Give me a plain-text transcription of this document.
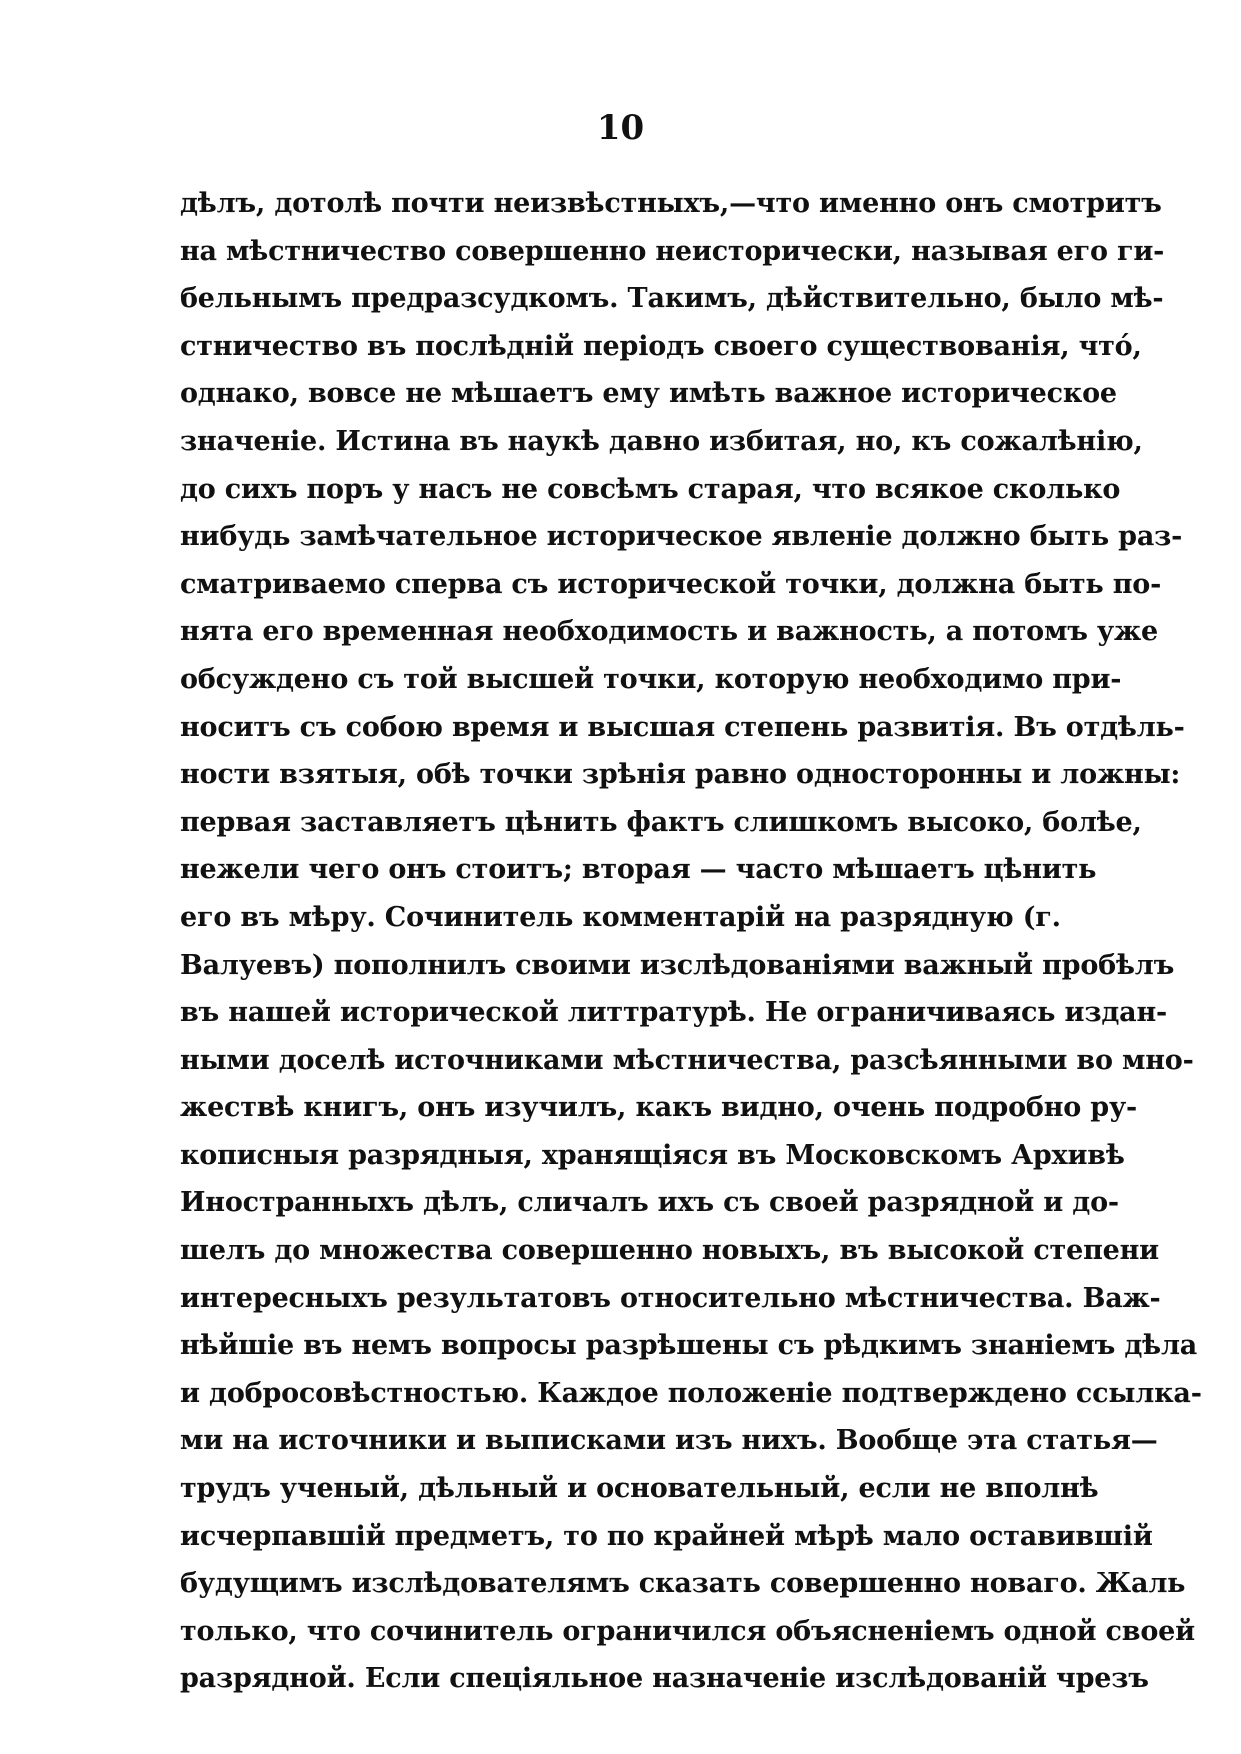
10
дѣлъ, дотолѣ почти неизвѣстныхъ,—что именно онъ смотритъ
на мѣстничество совершенно неисторически, называя его ги-
бельнымъ предразсудкомъ. Такимъ, дѣйствительно, было мѣ-
стничество въ послѣднiй перiодъ своего существованiя, что́,
однако, вовсе не мѣшаетъ ему имѣть важное историческое
значенiе. Истина въ наукѣ давно избитая, но, къ сожалѣнiю,
до сихъ поръ у насъ не совсѣмъ старая, что всякое сколько
нибудь замѣчательное историческое явленiе должно быть раз-
сматриваемо сперва съ исторической точки, должна быть по-
нята его временная необходимость и важность, а потомъ уже
обсуждено съ той высшей точки, которую необходимо при-
носитъ съ собою время и высшая степень развитiя. Въ отдѣль-
ности взятыя, обѣ точки зрѣнiя равно односторонны и ложны:
первая заставляетъ цѣнить фактъ слишкомъ высоко, болѣе,
нежели чего онъ стоитъ; вторая — часто мѣшаетъ цѣнить
его въ мѣру. Сочинитель комментарiй на разрядную (г.
Валуевъ) пополнилъ своими изслѣдованiями важный пробѣлъ
въ нашей исторической литтратурѣ. Не ограничиваясь издан-
ными доселѣ источниками мѣстничества, разсѣянными во мно-
жествѣ книгъ, онъ изучилъ, какъ видно, очень подробно ру-
кописныя разрядныя, хранящiяся въ Московскомъ Архивѣ
Иностранныхъ дѣлъ, сличалъ ихъ съ своей разрядной и до-
шелъ до множества совершенно новыхъ, въ высокой степени
интересныхъ результатовъ относительно мѣстничества. Важ-
нѣйшiе въ немъ вопросы разрѣшены съ рѣдкимъ знанiемъ дѣла
и добросовѣстностью. Каждое положенiе подтверждено ссылка-
ми на источники и выписками изъ нихъ. Вообще эта статья—
трудъ ученый, дѣльный и основательный, если не вполнѣ
исчерпавшiй предметъ, то по крайней мѣрѣ мало оставившiй
будущимъ изслѣдователямъ сказать совершенно новаго. Жаль
только, что сочинитель ограничился объясненiемъ одной своей
разрядной. Если спецiяльное назначенiе изслѣдованiй чрезъ
